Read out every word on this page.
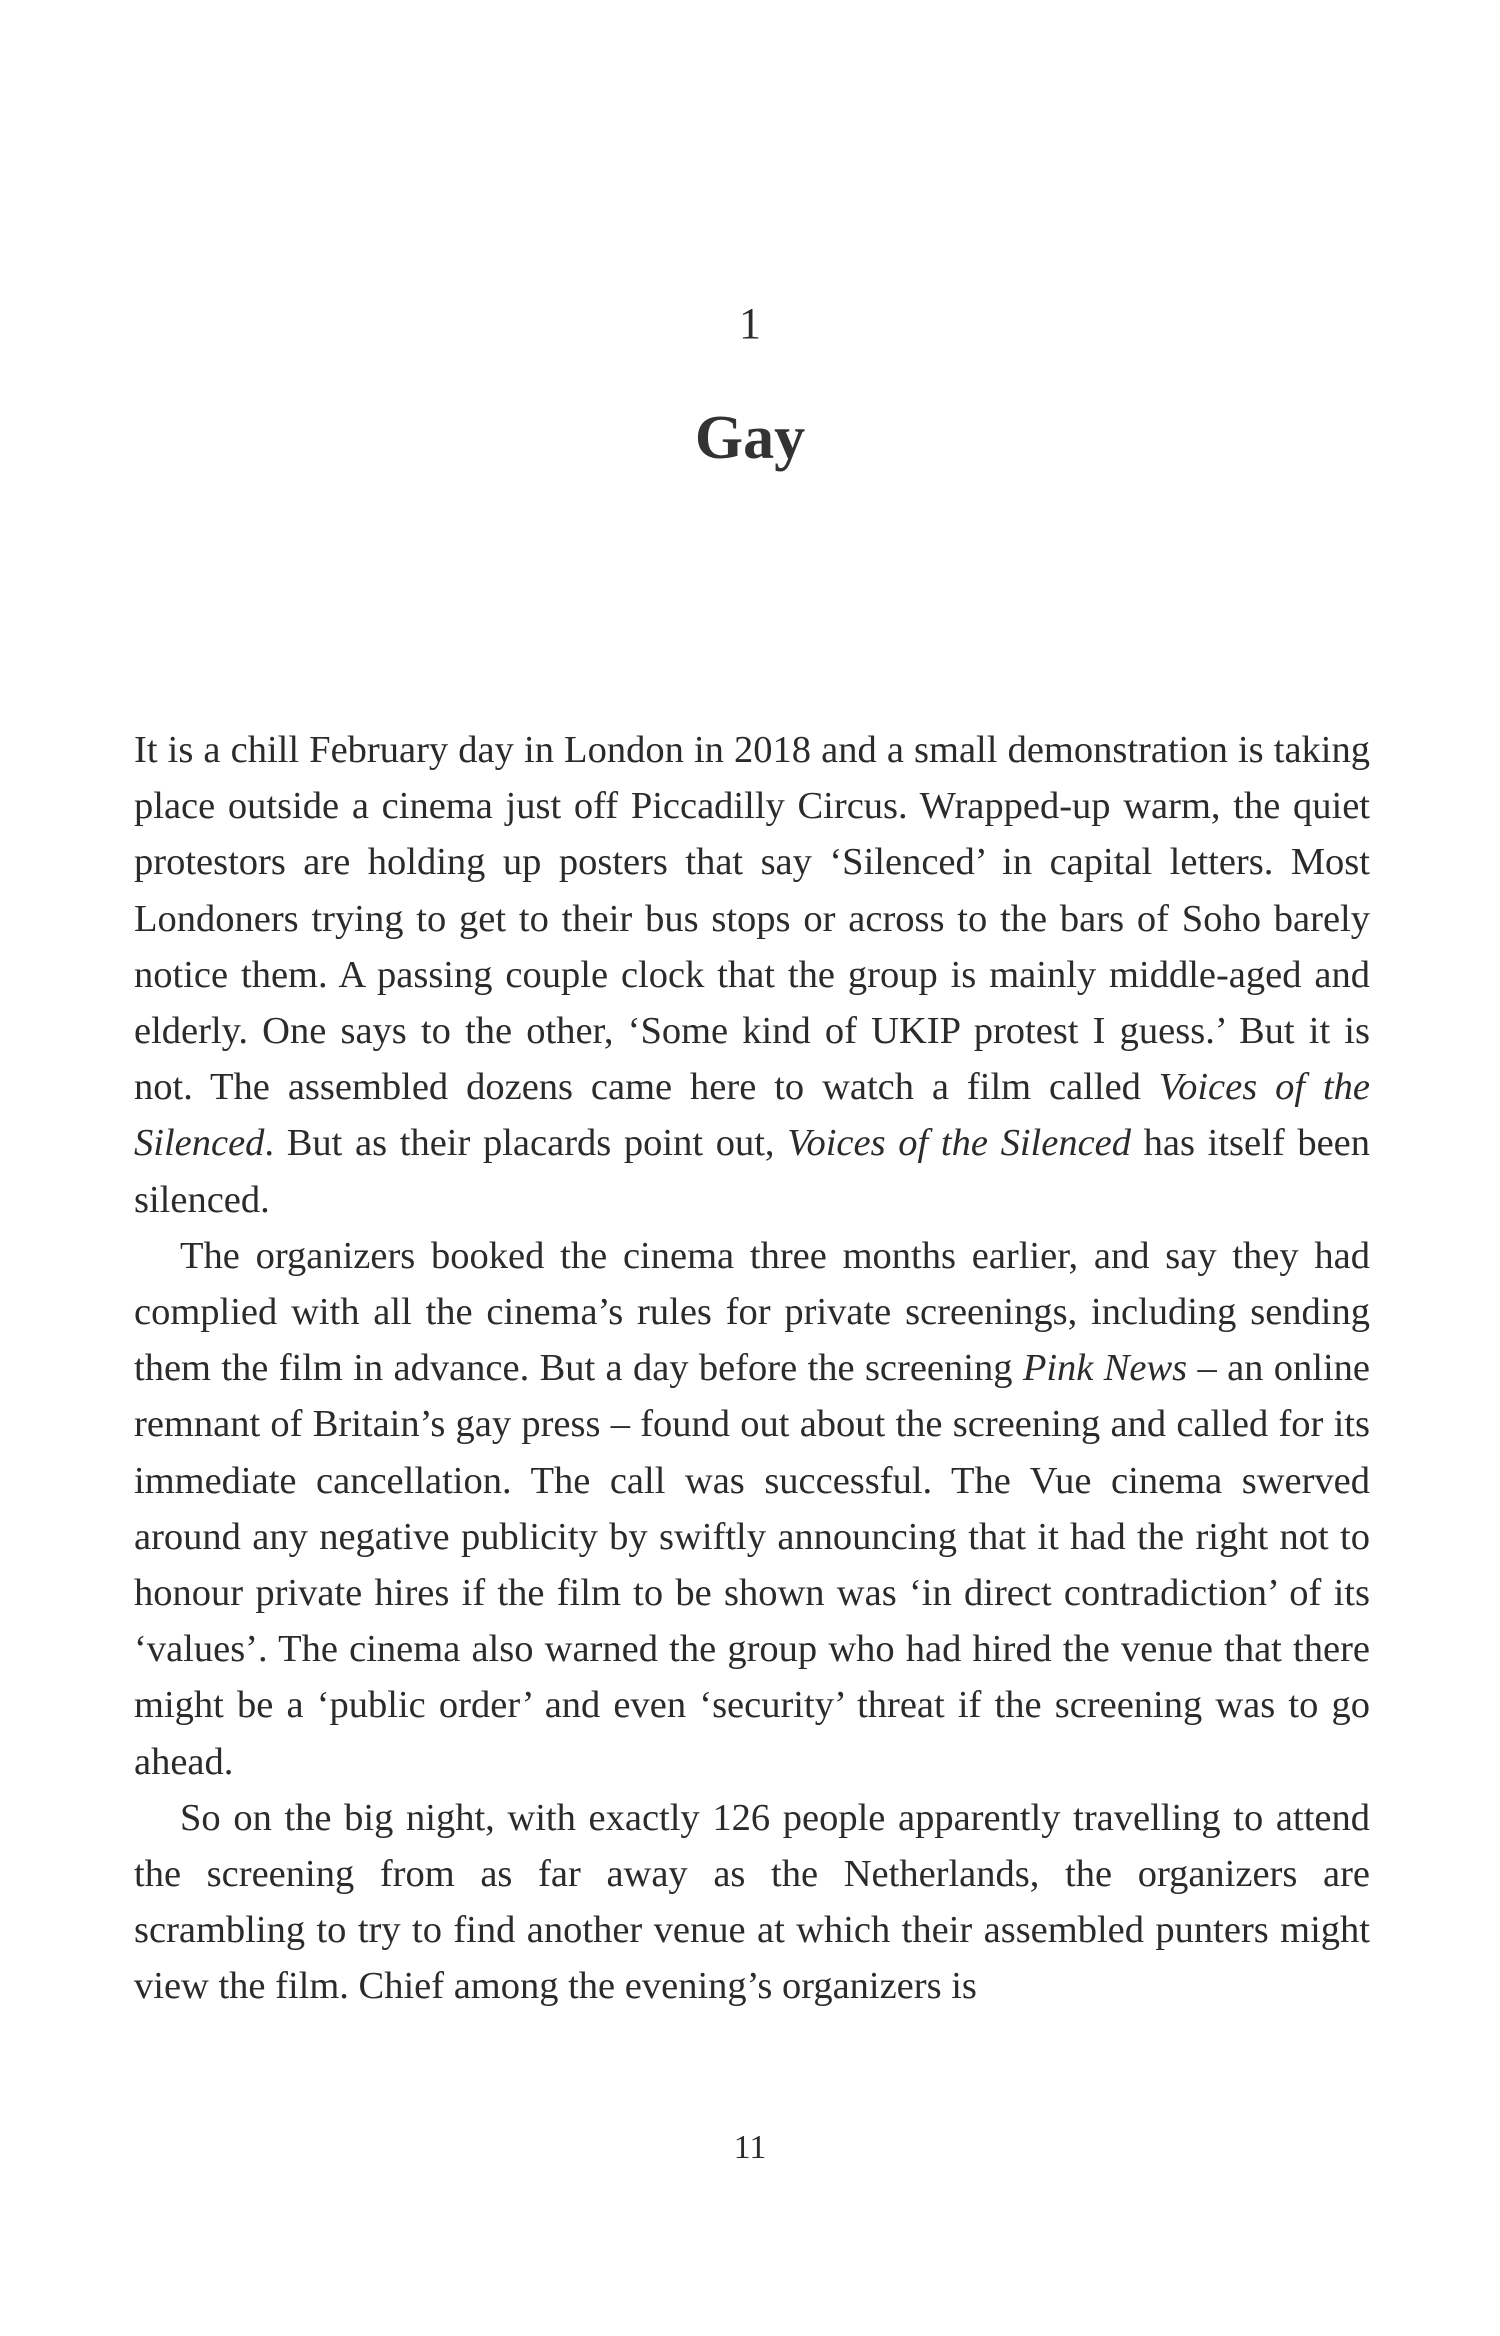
1
Gay

It is a chill February day in London in 2018 and a small demonstration is taking place outside a cinema just off Piccadilly Circus. Wrapped-up warm, the quiet protestors are holding up posters that say ‘Silenced’ in capital letters. Most Londoners trying to get to their bus stops or across to the bars of Soho barely notice them. A passing couple clock that the group is mainly middle-aged and elderly. One says to the other, ‘Some kind of UKIP protest I guess.’ But it is not. The assembled dozens came here to watch a film called Voices of the Silenced. But as their placards point out, Voices of the Silenced has itself been silenced.

The organizers booked the cinema three months earlier, and say they had complied with all the cinema’s rules for private screenings, including sending them the film in advance. But a day before the screening Pink News – an online remnant of Britain’s gay press – found out about the screening and called for its immediate cancellation. The call was successful. The Vue cinema swerved around any negative publicity by swiftly announcing that it had the right not to honour private hires if the film to be shown was ‘in direct contradiction’ of its ‘values’. The cinema also warned the group who had hired the venue that there might be a ‘public order’ and even ‘security’ threat if the screening was to go ahead.

So on the big night, with exactly 126 people apparently travelling to attend the screening from as far away as the Netherlands, the organizers are scrambling to try to find another venue at which their assembled punters might view the film. Chief among the evening’s organizers is

11
